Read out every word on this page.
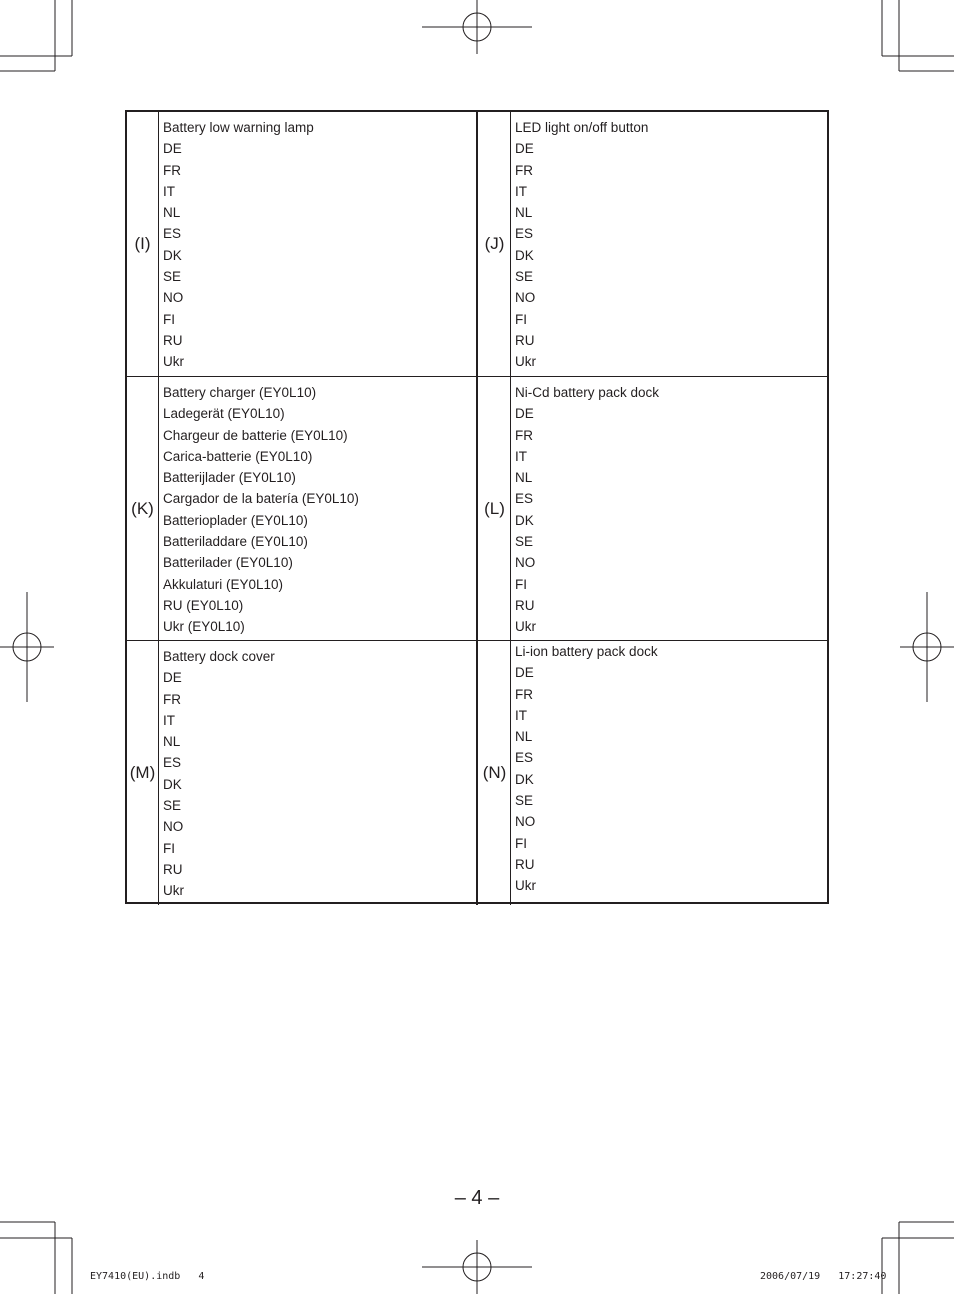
(I)
Battery low warning lamp
DE
FR
IT
NL
ES
DK
SE
NO
FI
RU
Ukr
(J)
LED light on/off button
DE
FR
IT
NL
ES
DK
SE
NO
FI
RU
Ukr
(K)
Battery charger (EY0L10)
Ladegerät (EY0L10)
Chargeur de batterie (EY0L10)
Carica-batterie (EY0L10)
Batterijlader (EY0L10)
Cargador de la batería (EY0L10)
Batterioplader (EY0L10)
Batteriladdare (EY0L10)
Batterilader (EY0L10)
Akkulaturi (EY0L10)
RU (EY0L10)
Ukr (EY0L10)
(L)
Ni-Cd battery pack dock
DE
FR
IT
NL
ES
DK
SE
NO
FI
RU
Ukr
(M)
Battery dock cover
DE
FR
IT
NL
ES
DK
SE
NO
FI
RU
Ukr
(N)
Li-ion battery pack dock
DE
FR
IT
NL
ES
DK
SE
NO
FI
RU
Ukr
– 4 –
EY7410(EU).indb   4	2006/07/19   17:27:40
